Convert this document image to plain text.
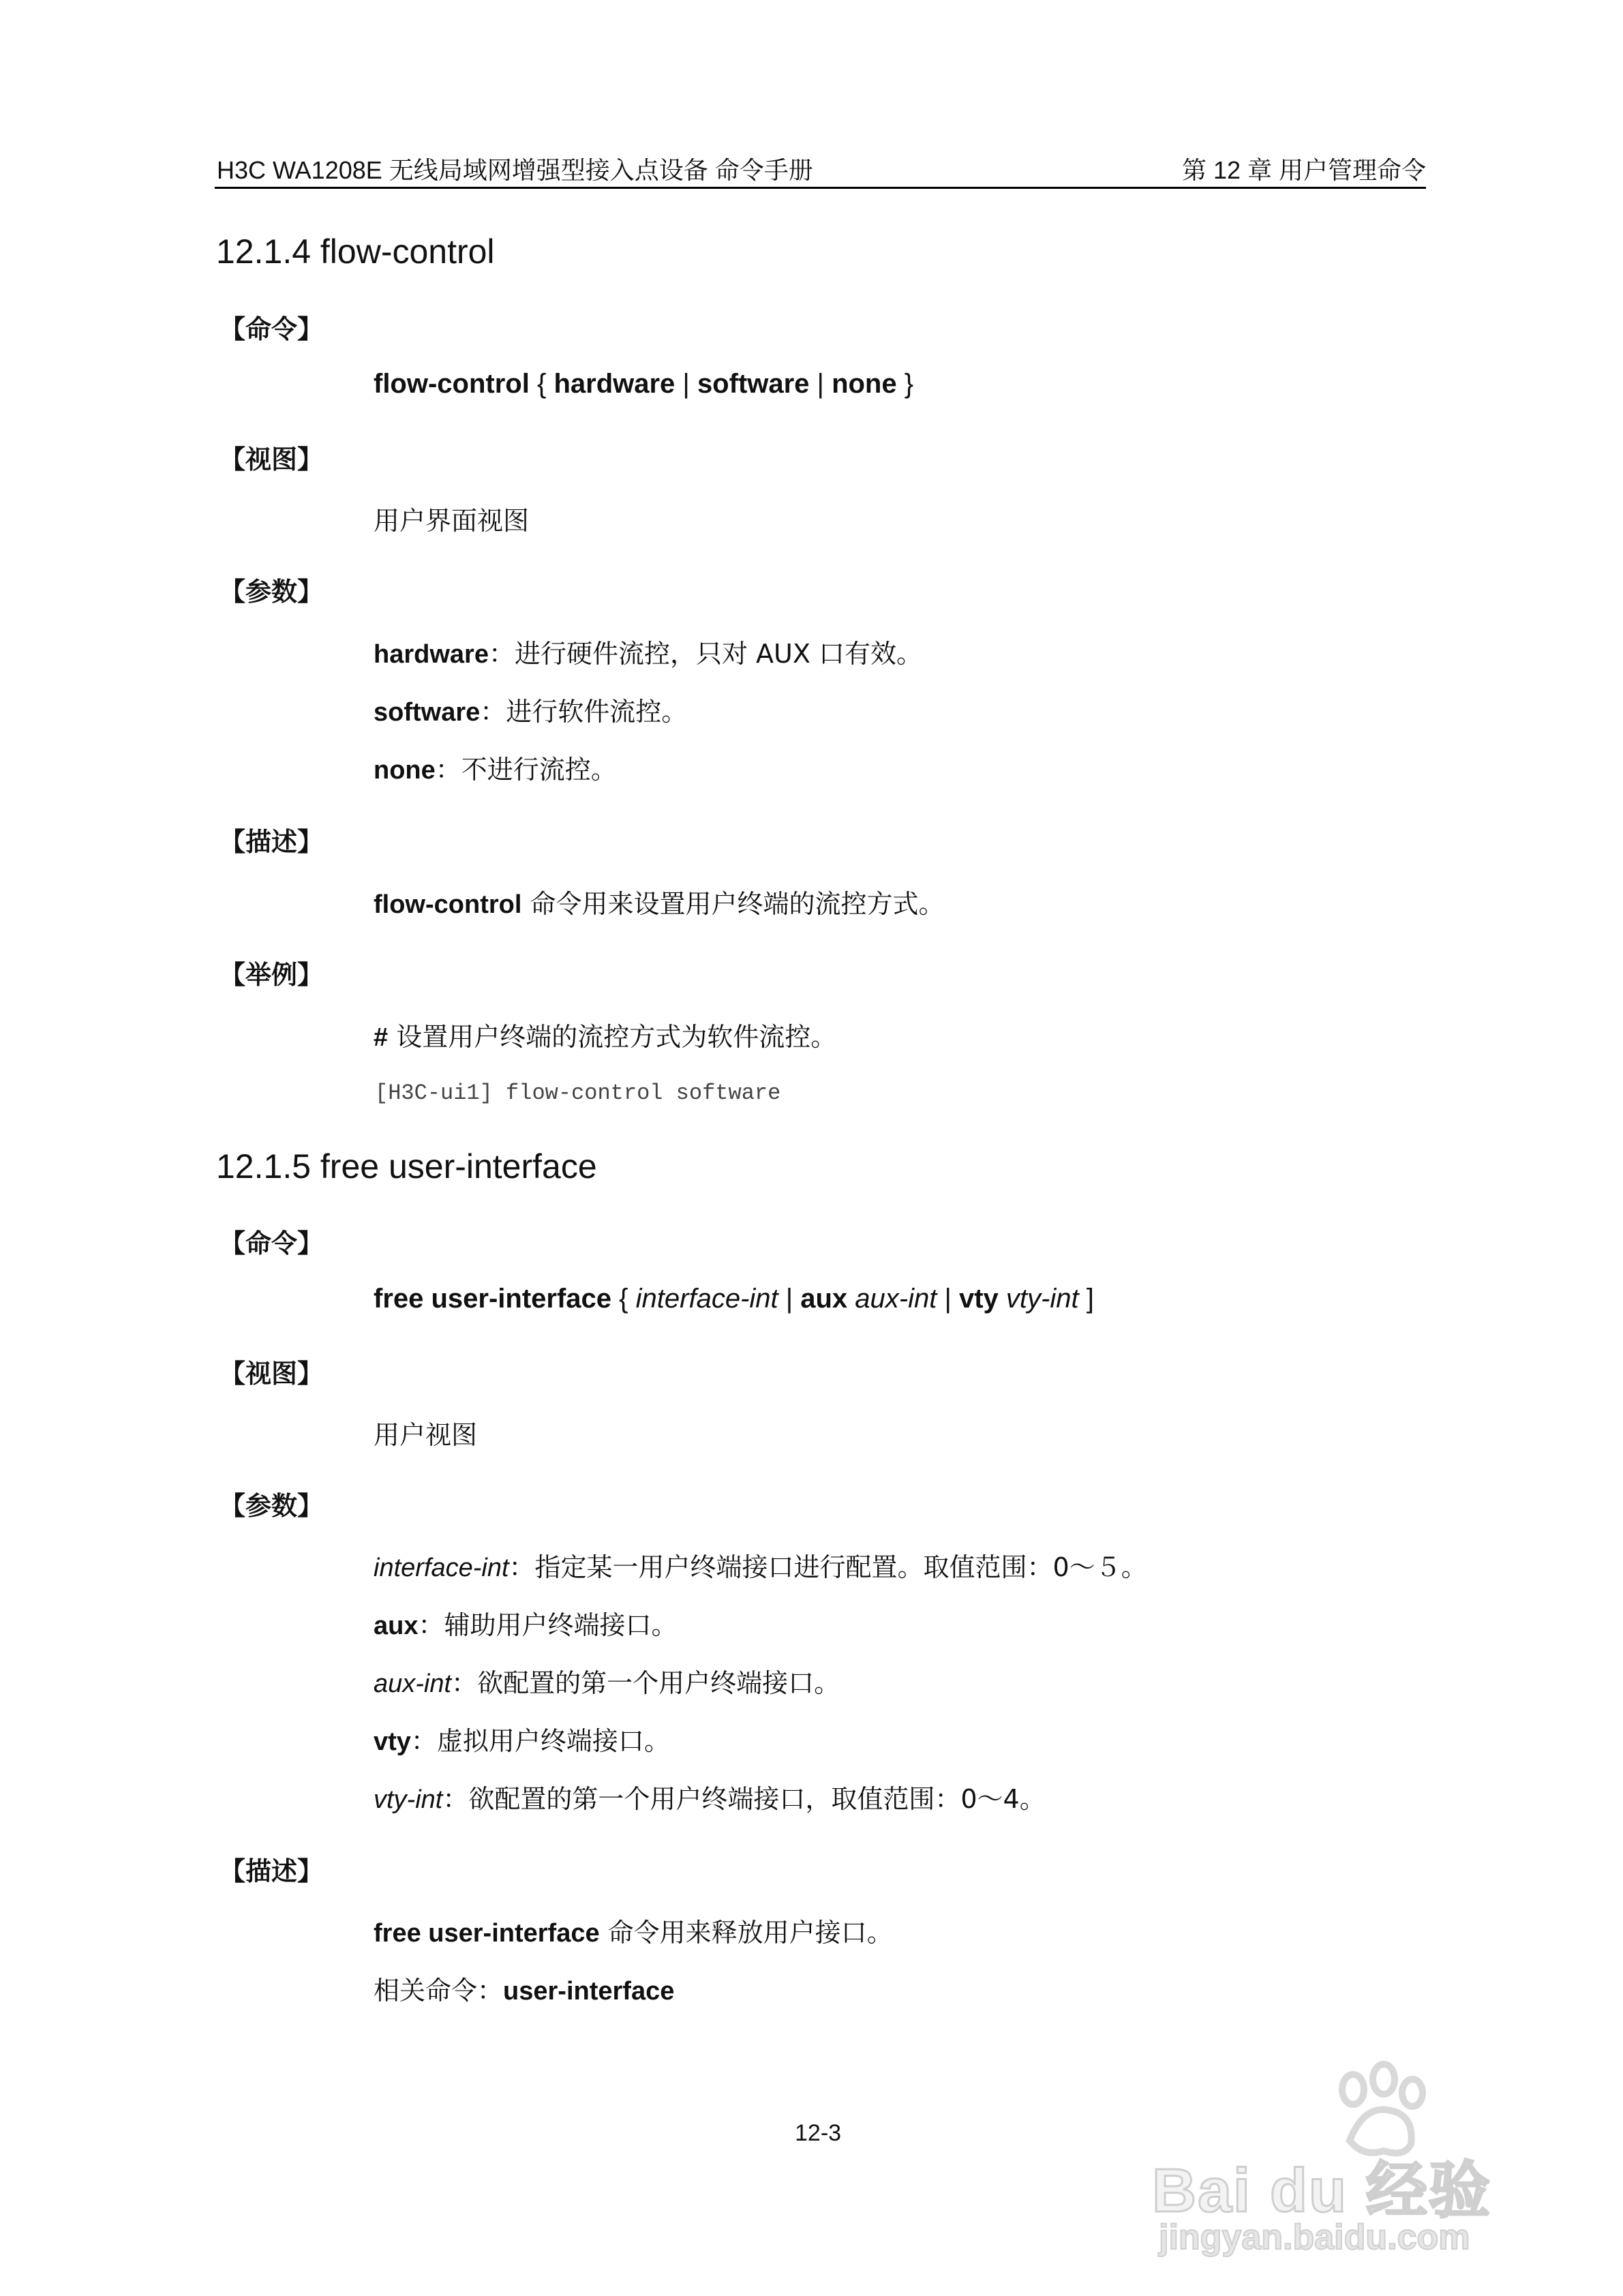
H3C WA1208E 无线局域网增强型接入点设备 命令手册	第 12 章 用户管理命令
12.1.4 flow-control
【命令】
flow-control { hardware | software | none }
【视图】
用户界面视图
【参数】
hardware：进行硬件流控，只对 AUX 口有效。
software：进行软件流控。
none：不进行流控。
【描述】
flow-control 命令用来设置用户终端的流控方式。
【举例】
# 设置用户终端的流控方式为软件流控。
[H3C-ui1] flow-control software
12.1.5 free user-interface
【命令】
free user-interface { interface-int | aux aux-int | vty vty-int ]
【视图】
用户视图
【参数】
interface-int：指定某一用户终端接口进行配置。取值范围：0～５。
aux：辅助用户终端接口。
aux-int：欲配置的第一个用户终端接口。
vty：虚拟用户终端接口。
vty-int：欲配置的第一个用户终端接口，取值范围：0～4。
【描述】
free user-interface 命令用来释放用户接口。
相关命令：user-interface
12-3
Bai du 经验
jingyan.baidu.com
